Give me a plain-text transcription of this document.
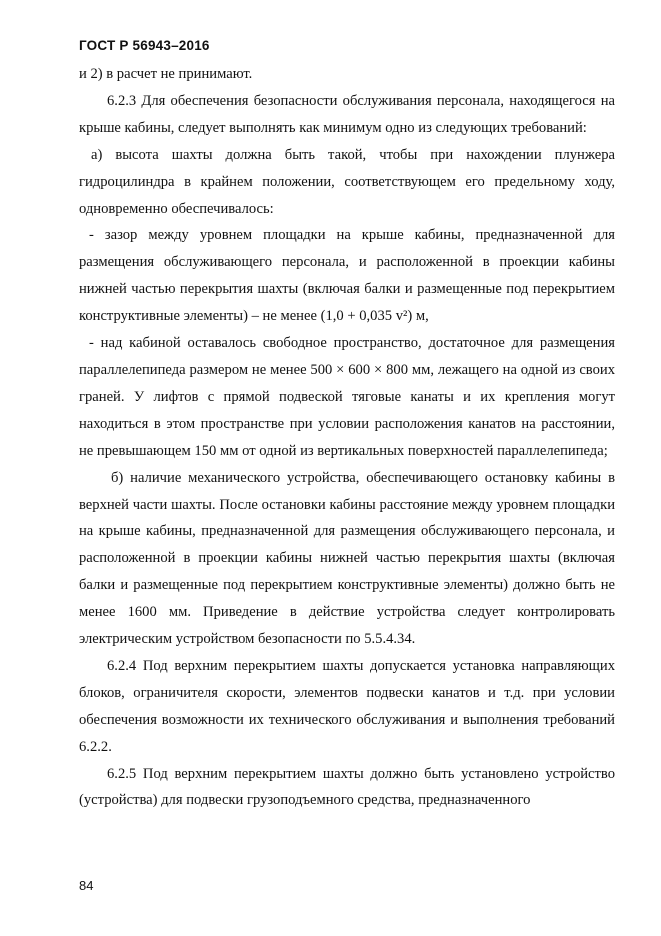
ГОСТ Р 56943–2016

и 2) в расчет не принимают.

6.2.3 Для обеспечения безопасности обслуживания персонала, находящегося на крыше кабины, следует выполнять как минимум одно из следующих требований:

а) высота шахты должна быть такой, чтобы при нахождении плунжера гидроцилиндра в крайнем положении, соответствующем его предельному ходу, одновременно обеспечивалось:

- зазор между уровнем площадки на крыше кабины, предназначенной для размещения обслуживающего персонала, и расположенной в проекции кабины нижней частью перекрытия шахты (включая балки и размещенные под перекрытием конструктивные элементы) – не менее (1,0 + 0,035 v²) м,

- над кабиной оставалось свободное пространство, достаточное для размещения параллелепипеда размером не менее 500 × 600 × 800 мм, лежащего на одной из своих граней. У лифтов с прямой подвеской тяговые канаты и их крепления могут находиться в этом пространстве при условии расположения канатов на расстоянии, не превышающем 150 мм от одной из вертикальных поверхностей параллелепипеда;

б) наличие механического устройства, обеспечивающего остановку кабины в верхней части шахты. После остановки кабины расстояние между уровнем площадки на крыше кабины, предназначенной для размещения обслуживающего персонала, и расположенной в проекции кабины нижней частью перекрытия шахты (включая балки и размещенные под перекрытием конструктивные элементы) должно быть не менее 1600 мм. Приведение в действие устройства следует контролировать электрическим устройством безопасности по 5.5.4.34.

6.2.4 Под верхним перекрытием шахты допускается установка направляющих блоков, ограничителя скорости, элементов подвески канатов и т.д. при условии обеспечения возможности их технического обслуживания и выполнения требований 6.2.2.

6.2.5 Под верхним перекрытием шахты должно быть установлено устройство (устройства) для подвески грузоподъемного средства, предназначенного

84
